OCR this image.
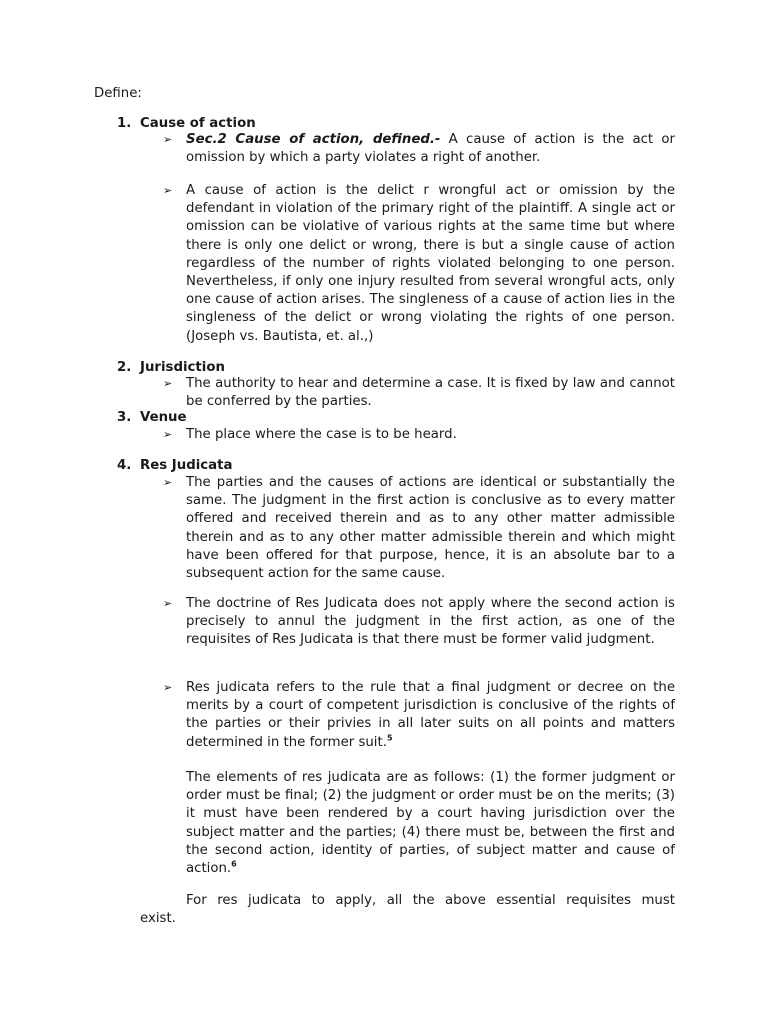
Define:
1. Cause of action
➢ Sec.2 Cause of action, defined.- A cause of action is the act or omission by which a party violates a right of another.
➢ A cause of action is the delict r wrongful act or omission by the defendant in violation of the primary right of the plaintiff. A single act or omission can be violative of various rights at the same time but where there is only one delict or wrong, there is but a single cause of action regardless of the number of rights violated belonging to one person. Nevertheless, if only one injury resulted from several wrongful acts, only one cause of action arises. The singleness of a cause of action lies in the singleness of the delict or wrong violating the rights of one person. (Joseph vs. Bautista, et. al.,)
2. Jurisdiction
➢ The authority to hear and determine a case. It is fixed by law and cannot be conferred by the parties.
3. Venue
➢ The place where the case is to be heard.
4. Res Judicata
➢ The parties and the causes of actions are identical or substantially the same. The judgment in the first action is conclusive as to every matter offered and received therein and as to any other matter admissible therein and as to any other matter admissible therein and which might have been offered for that purpose, hence, it is an absolute bar to a subsequent action for the same cause.
➢ The doctrine of Res Judicata does not apply where the second action is precisely to annul the judgment in the first action, as one of the requisites of Res Judicata is that there must be former valid judgment.
➢ Res judicata refers to the rule that a final judgment or decree on the merits by a court of competent jurisdiction is conclusive of the rights of the parties or their privies in all later suits on all points and matters determined in the former suit.$^5$
The elements of res judicata are as follows: (1) the former judgment or order must be final; (2) the judgment or order must be on the merits; (3) it must have been rendered by a court having jurisdiction over the subject matter and the parties; (4) there must be, between the first and the second action, identity of parties, of subject matter and cause of action.$^6$
For res judicata to apply, all the above essential requisites must
exist.
